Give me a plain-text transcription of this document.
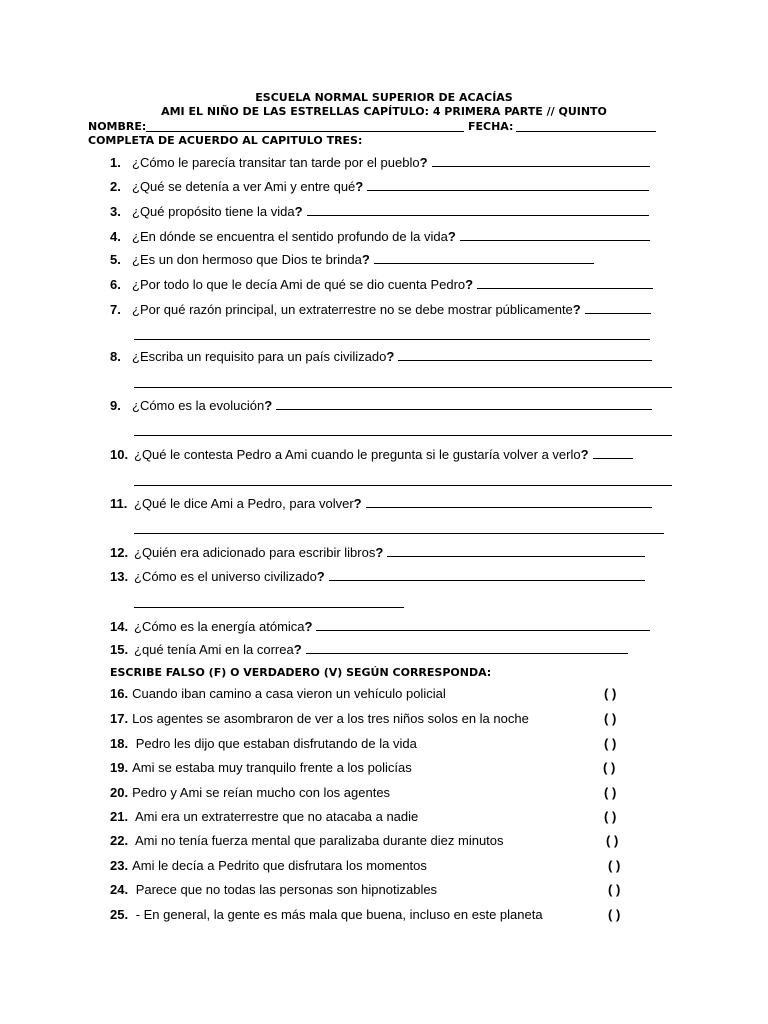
ESCUELA NORMAL SUPERIOR DE ACACÍAS
AMI EL NIÑO DE LAS ESTRELLAS CAPÍTULO: 4 PRIMERA PARTE // QUINTO
NOMBRE:	FECHA:
COMPLETA DE ACUERDO AL CAPITULO TRES:
1. ¿Cómo le parecía transitar tan tarde por el pueblo?
2. ¿Qué se detenía a ver Ami y entre qué?
3. ¿Qué propósito tiene la vida?
4. ¿En dónde se encuentra el sentido profundo de la vida?
5. ¿Es un don hermoso que Dios te brinda?
6. ¿Por todo lo que le decía Ami de qué se dio cuenta Pedro?
7. ¿Por qué razón principal, un extraterrestre no se debe mostrar públicamente?
8. ¿Escriba un requisito para un país civilizado?
9. ¿Cómo es la evolución?
10. ¿Qué le contesta Pedro a Ami cuando le pregunta si le gustaría volver a verlo?
11. ¿Qué le dice Ami a Pedro, para volver?
12. ¿Quién era adicionado para escribir libros?
13. ¿Cómo es el universo civilizado?
14. ¿Cómo es la energía atómica?
15. ¿qué tenía Ami en la correa?
ESCRIBE FALSO (F) O VERDADERO (V) SEGÚN CORRESPONDA:
16. Cuando iban camino a casa vieron un vehículo policial	( )
17. Los agentes se asombraron de ver a los tres niños solos en la noche	( )
18. Pedro les dijo que estaban disfrutando de la vida	( )
19. Ami se estaba muy tranquilo frente a los policías	( )
20. Pedro y Ami se reían mucho con los agentes	( )
21. Ami era un extraterrestre que no atacaba a nadie	( )
22. Ami no tenía fuerza mental que paralizaba durante diez minutos	( )
23. Ami le decía a Pedrito que disfrutara los momentos	( )
24. Parece que no todas las personas son hipnotizables	( )
25. - En general, la gente es más mala que buena, incluso en este planeta	( )
